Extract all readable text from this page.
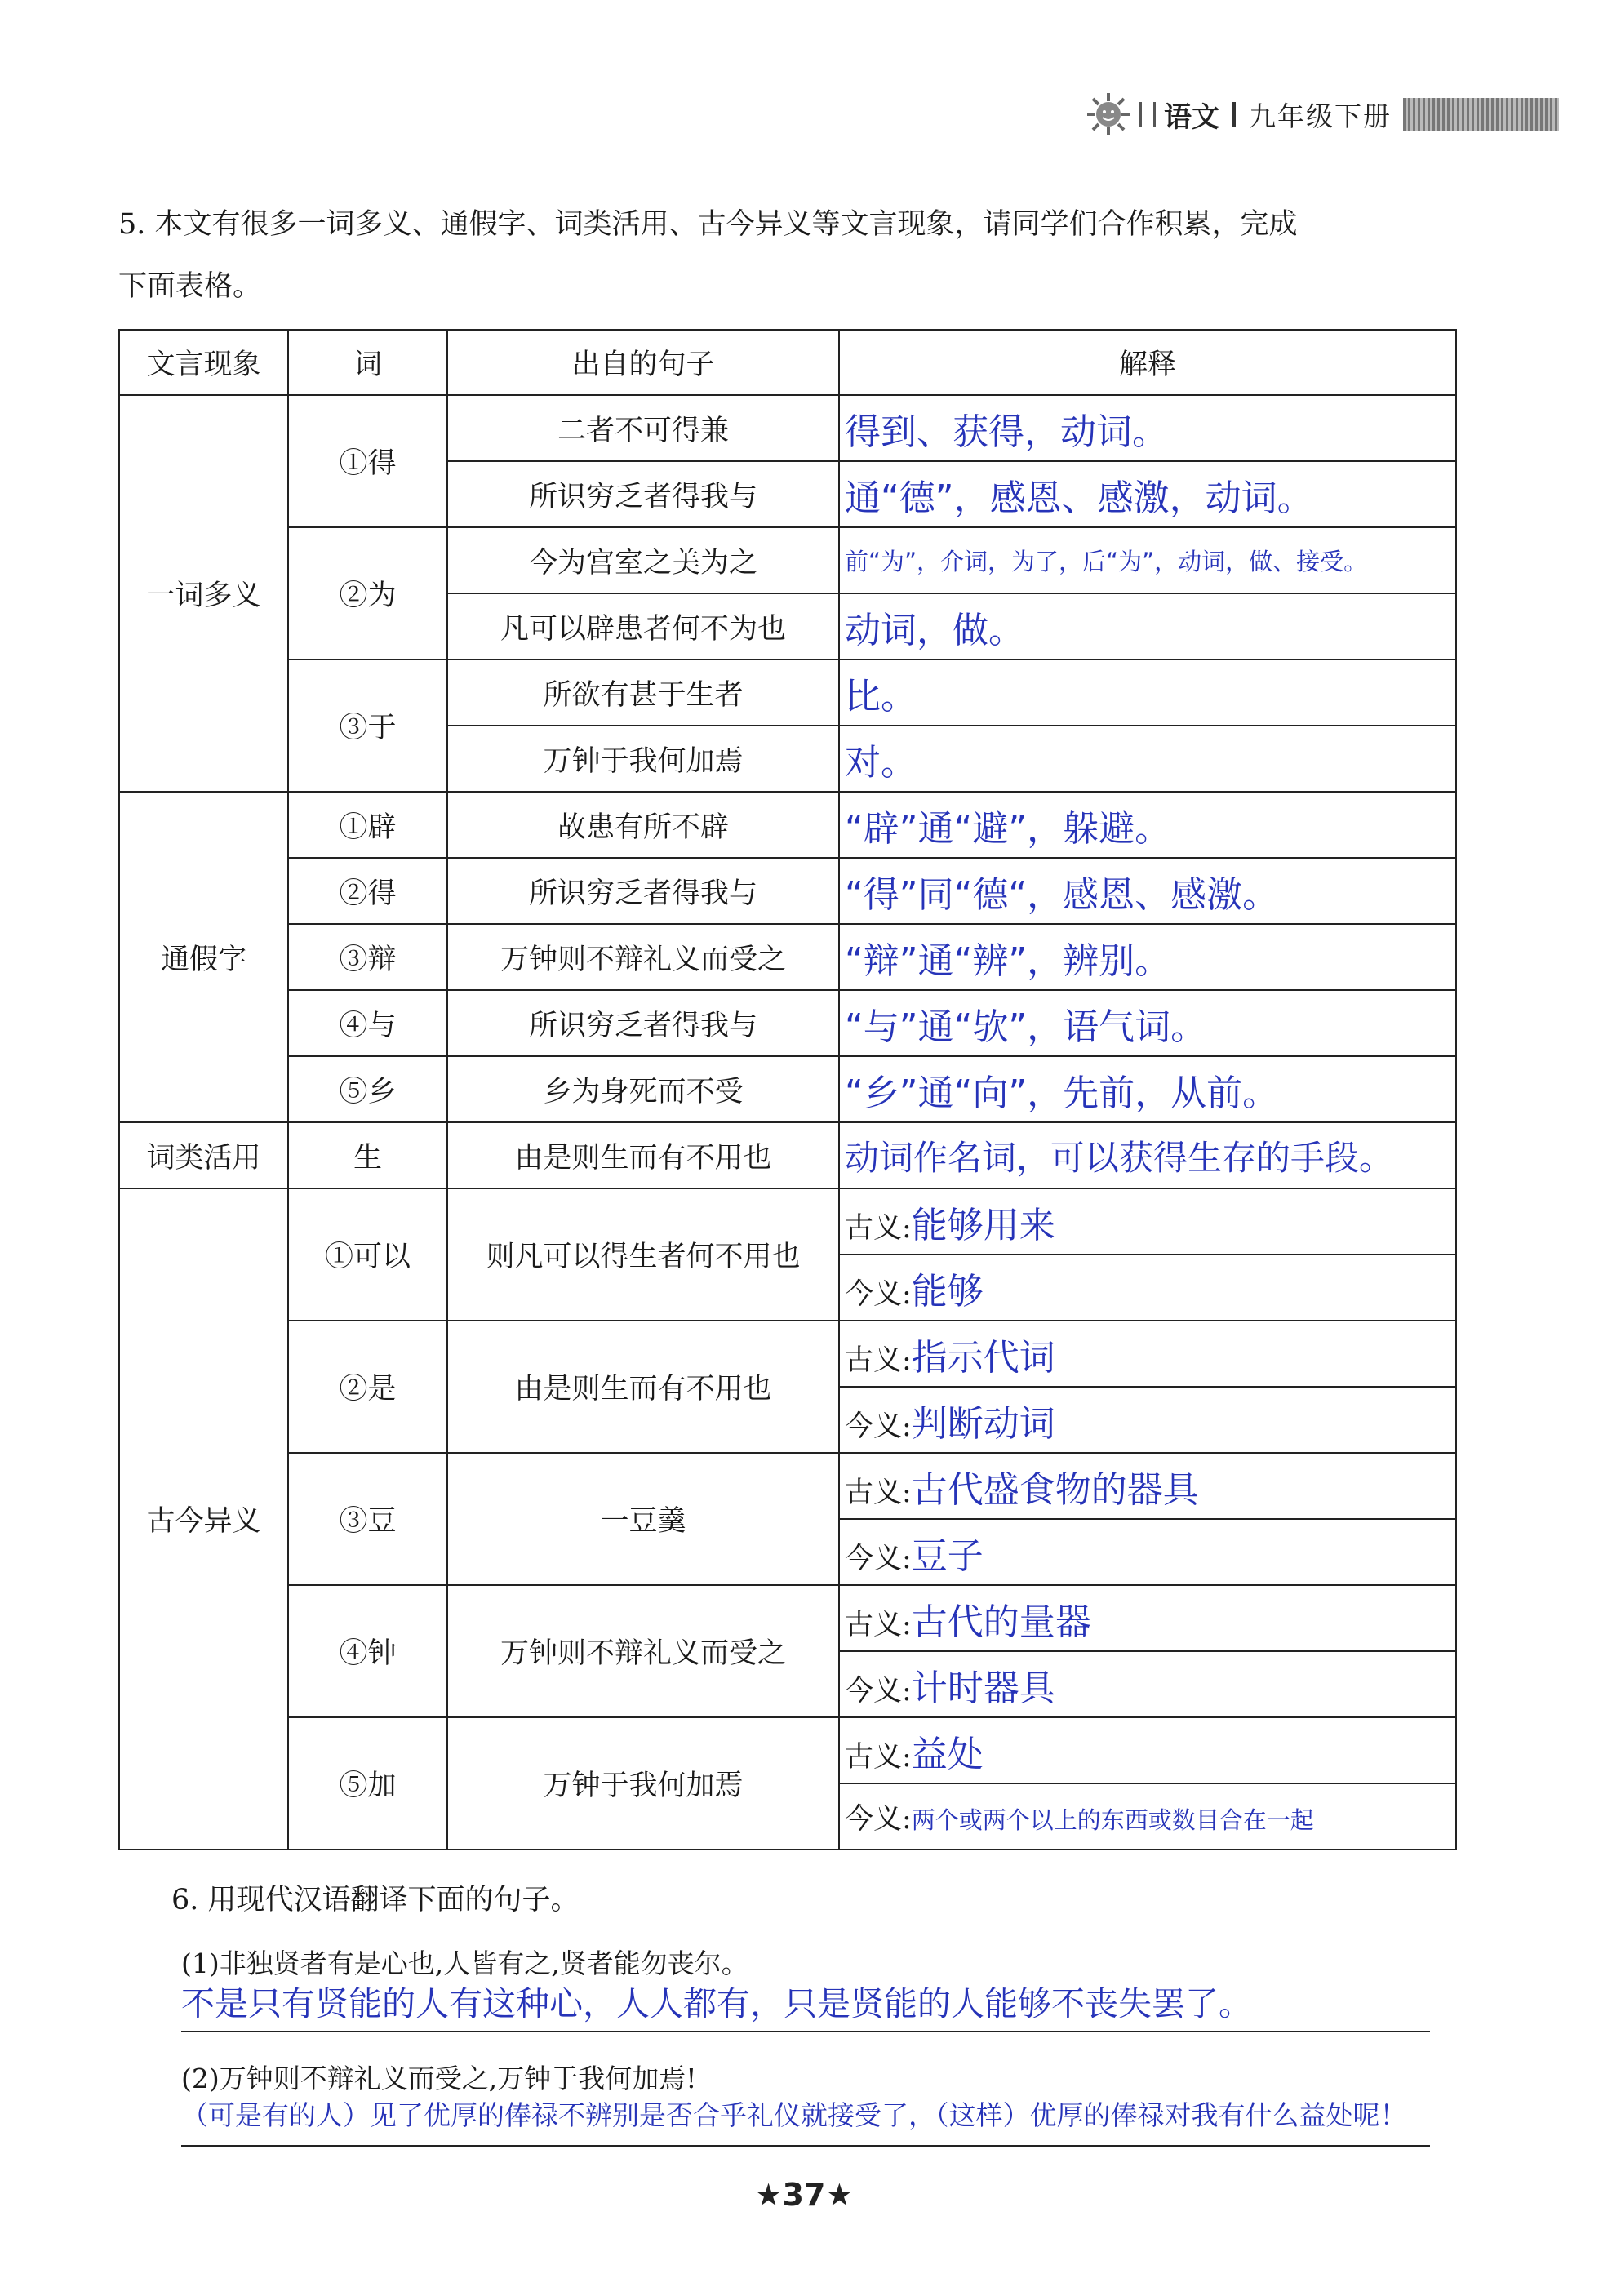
语文 九年级下册
5. 本文有很多一词多义、通假字、词类活用、古今异义等文言现象，请同学们合作积累，完成
下面表格。
文言现象	词	出自的句子	解释
一词多义	①得	二者不可得兼	得到、获得，动词。
		所识穷乏者得我与	通“德”，感恩、感激，动词。
	②为	今为宫室之美为之	前“为”，介词，为了，后“为”，动词，做、接受。
		凡可以辟患者何不为也	动词，做。
	③于	所欲有甚于生者	比。
		万钟于我何加焉	对。
通假字	①辟	故患有所不辟	“辟”通“避”，躲避。
	②得	所识穷乏者得我与	“得”同“德“，感恩、感激。
	③辩	万钟则不辩礼义而受之	“辩”通“辨”，辨别。
	④与	所识穷乏者得我与	“与”通“欤”，语气词。
	⑤乡	乡为身死而不受	“乡”通“向”，先前，从前。
词类活用	生	由是则生而有不用也	动词作名词，可以获得生存的手段。
古今异义	①可以	则凡可以得生者何不用也	古义:能够用来
			今义:能够
	②是	由是则生而有不用也	古义:指示代词
			今义:判断动词
	③豆	一豆羹	古义:古代盛食物的器具
			今义:豆子
	④钟	万钟则不辩礼义而受之	古义:古代的量器
			今义:计时器具
	⑤加	万钟于我何加焉	古义:益处
			今义:两个或两个以上的东西或数目合在一起
6. 用现代汉语翻译下面的句子。
(1)非独贤者有是心也,人皆有之,贤者能勿丧尔。
不是只有贤能的人有这种心，人人都有，只是贤能的人能够不丧失罢了。
(2)万钟则不辩礼义而受之,万钟于我何加焉!
（可是有的人）见了优厚的俸禄不辨别是否合乎礼仪就接受了，（这样）优厚的俸禄对我有什么益处呢！
★37★
